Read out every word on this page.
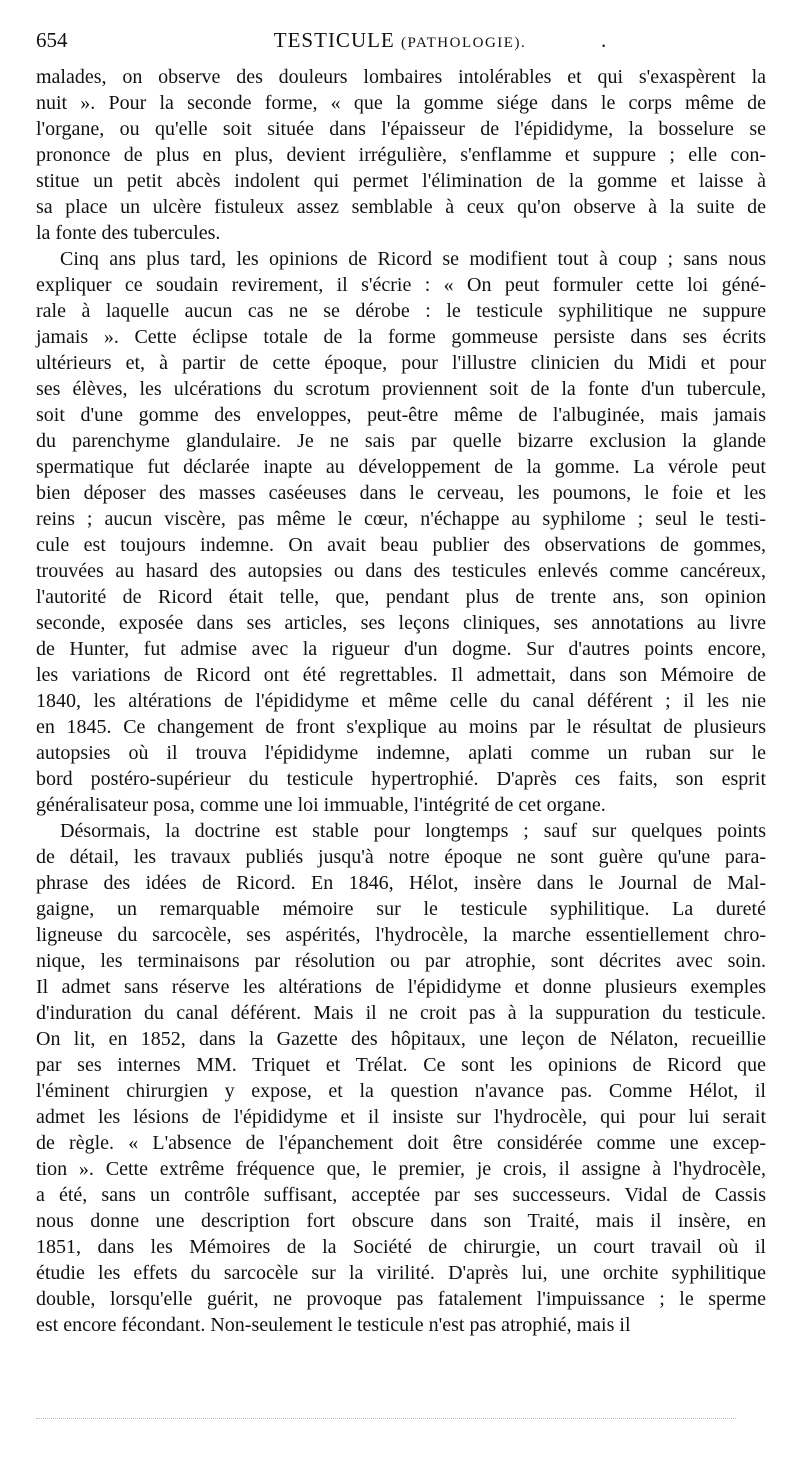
654	TESTICULE (PATHOLOGIE).	.
malades, on observe des douleurs lombaires intolérables et qui s'exaspèrent la
nuit ». Pour la seconde forme, « que la gomme siége dans le corps même de
l'organe, ou qu'elle soit située dans l'épaisseur de l'épididyme, la bosselure se
prononce de plus en plus, devient irrégulière, s'enflamme et suppure ; elle con-
stitue un petit abcès indolent qui permet l'élimination de la gomme et laisse à
sa place un ulcère fistuleux assez semblable à ceux qu'on observe à la suite de
la fonte des tubercules.
Cinq ans plus tard, les opinions de Ricord se modifient tout à coup ; sans nous
expliquer ce soudain revirement, il s'écrie : « On peut formuler cette loi géné-
rale à laquelle aucun cas ne se dérobe : le testicule syphilitique ne suppure
jamais ». Cette éclipse totale de la forme gommeuse persiste dans ses écrits
ultérieurs et, à partir de cette époque, pour l'illustre clinicien du Midi et pour
ses élèves, les ulcérations du scrotum proviennent soit de la fonte d'un tubercule,
soit d'une gomme des enveloppes, peut-être même de l'albuginée, mais jamais
du parenchyme glandulaire. Je ne sais par quelle bizarre exclusion la glande
spermatique fut déclarée inapte au développement de la gomme. La vérole peut
bien déposer des masses caséeuses dans le cerveau, les poumons, le foie et les
reins ; aucun viscère, pas même le cœur, n'échappe au syphilome ; seul le testi-
cule est toujours indemne. On avait beau publier des observations de gommes,
trouvées au hasard des autopsies ou dans des testicules enlevés comme cancéreux,
l'autorité de Ricord était telle, que, pendant plus de trente ans, son opinion
seconde, exposée dans ses articles, ses leçons cliniques, ses annotations au livre
de Hunter, fut admise avec la rigueur d'un dogme. Sur d'autres points encore,
les variations de Ricord ont été regrettables. Il admettait, dans son Mémoire de
1840, les altérations de l'épididyme et même celle du canal déférent ; il les nie
en 1845. Ce changement de front s'explique au moins par le résultat de plusieurs
autopsies où il trouva l'épididyme indemne, aplati comme un ruban sur le
bord postéro-supérieur du testicule hypertrophié. D'après ces faits, son esprit
généralisateur posa, comme une loi immuable, l'intégrité de cet organe.
Désormais, la doctrine est stable pour longtemps ; sauf sur quelques points
de détail, les travaux publiés jusqu'à notre époque ne sont guère qu'une para-
phrase des idées de Ricord. En 1846, Hélot, insère dans le Journal de Mal-
gaigne, un remarquable mémoire sur le testicule syphilitique. La dureté
ligneuse du sarcocèle, ses aspérités, l'hydrocèle, la marche essentiellement chro-
nique, les terminaisons par résolution ou par atrophie, sont décrites avec soin.
Il admet sans réserve les altérations de l'épididyme et donne plusieurs exemples
d'induration du canal déférent. Mais il ne croit pas à la suppuration du testicule.
On lit, en 1852, dans la Gazette des hôpitaux, une leçon de Nélaton, recueillie
par ses internes MM. Triquet et Trélat. Ce sont les opinions de Ricord que
l'éminent chirurgien y expose, et la question n'avance pas. Comme Hélot, il
admet les lésions de l'épididyme et il insiste sur l'hydrocèle, qui pour lui serait
de règle. « L'absence de l'épanchement doit être considérée comme une excep-
tion ». Cette extrême fréquence que, le premier, je crois, il assigne à l'hydrocèle,
a été, sans un contrôle suffisant, acceptée par ses successeurs. Vidal de Cassis
nous donne une description fort obscure dans son Traité, mais il insère, en
1851, dans les Mémoires de la Société de chirurgie, un court travail où il
étudie les effets du sarcocèle sur la virilité. D'après lui, une orchite syphilitique
double, lorsqu'elle guérit, ne provoque pas fatalement l'impuissance ; le sperme
est encore fécondant. Non-seulement le testicule n'est pas atrophié, mais il
